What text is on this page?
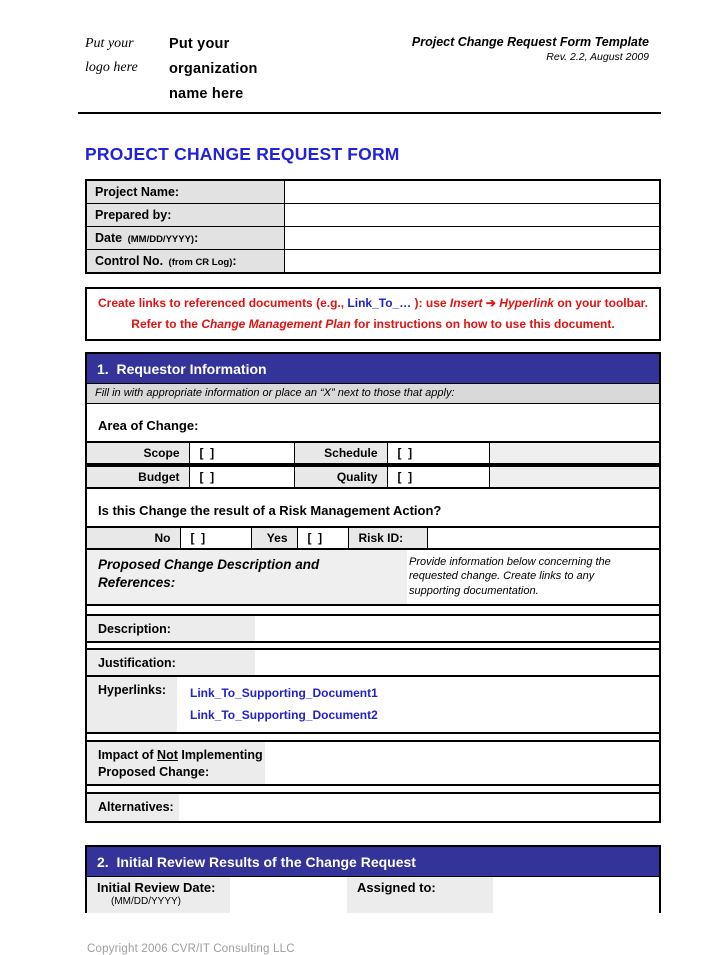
Put your
logo here
Put your
organization
name here
Project Change Request Form Template
Rev. 2.2, August 2009
PROJECT CHANGE REQUEST FORM
Project Name:	
Prepared by:	
Date (MM/DD/YYYY):	
Control No. (from CR Log):	
Create links to referenced documents (e.g., Link_To_… ): use Insert ➔ Hyperlink on your toolbar.
Refer to the Change Management Plan for instructions on how to use this document.
1.  Requestor Information
Fill in with appropriate information or place an “X” next to those that apply:
Area of Change:
Scope	[  ]	Schedule	[  ]	
Budget	[  ]	Quality	[  ]	
Is this Change the result of a Risk Management Action?
No	[  ]	Yes	[  ]	Risk ID:	
Proposed Change Description and References:
Provide information below concerning the requested change. Create links to any supporting documentation.
Description:
Justification:
Hyperlinks:	Link_To_Supporting_Document1
Link_To_Supporting_Document2
Impact of Not Implementing
Proposed Change:
Alternatives:
2.  Initial Review Results of the Change Request
Initial Review Date:
(MM/DD/YYYY)
Assigned to:
Copyright 2006 CVR/IT Consulting LLC
